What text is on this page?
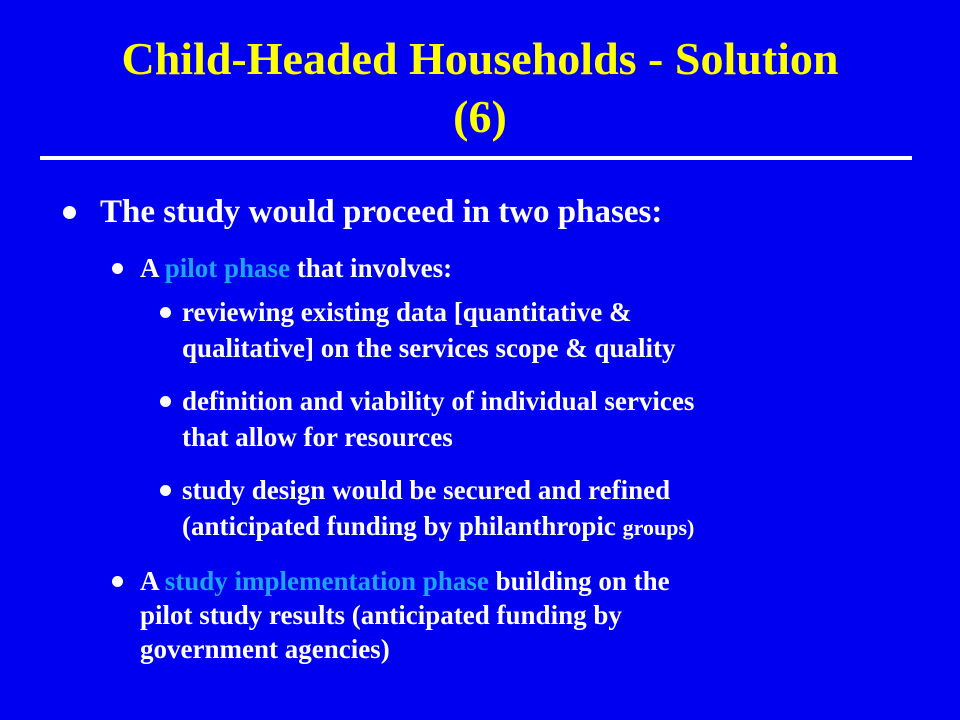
Child-Headed Households - Solution
(6)
The study would proceed in two phases:
A pilot phase that involves:
reviewing existing data [quantitative &
qualitative] on the services scope & quality
definition and viability of individual services
that allow for resources
study design would be secured and refined
(anticipated funding by philanthropic groups)
A study implementation phase building on the
pilot study results (anticipated funding by
government agencies)
